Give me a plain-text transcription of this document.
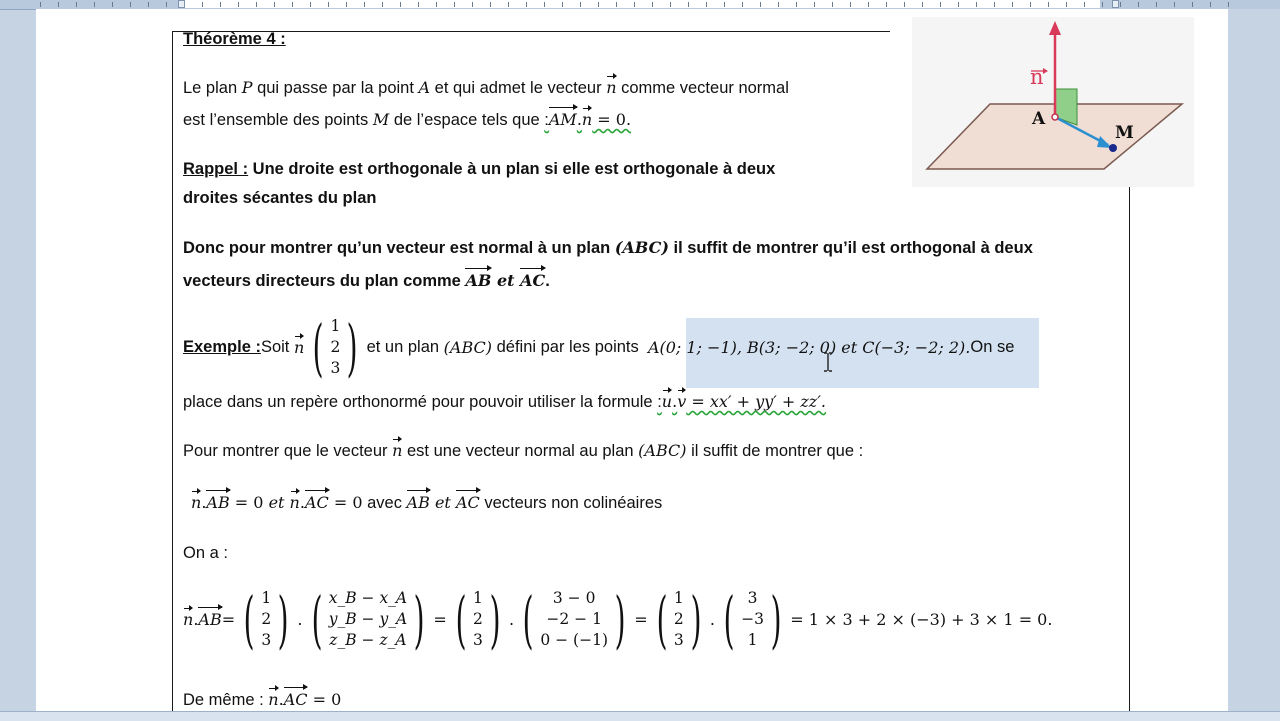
n
A
M
Théorème 4 :
Le plan P qui passe par la point A et qui admet le vecteur n comme vecteur normal
est l’ensemble des points M de l’espace tels que :AM.n = 0.
Rappel : Une droite est orthogonale à un plan si elle est orthogonale à deux
droites sécantes du plan
Donc pour montrer qu’un vecteur est normal à un plan (ABC) il suffit de montrer qu’il est orthogonal à deux
vecteurs directeurs du plan comme AB et AC.
Exemple : Soit
n ( 1
2
3 ) et un plan
(ABC)
défini par les points
A(0; 1; −1), B(3; −2; 0) et C(−3; −2; 2). On se
place dans un repère orthonormé pour pouvoir utiliser la formule :u.v = xx′ + yy′ + zz′.
Pour montrer que le vecteur n est une vecteur normal au plan (ABC) il suffit de montrer que :
n.AB = 0 et n.AC = 0 avec AB et AC vecteurs non colinéaires
On a :
n . AB = ( 1
2
3 ) . ( x_B − x_A
y_B − y_A
z_B − z_A ) = ( 1
2
3 ) . ( 3 − 0
−2 − 1
0 − (−1) ) = ( 1
2
3 ) . ( 3
−3
1 ) = 1 × 3 + 2 × (−3) + 3 × 1 = 0.
De même : n.AC = 0
